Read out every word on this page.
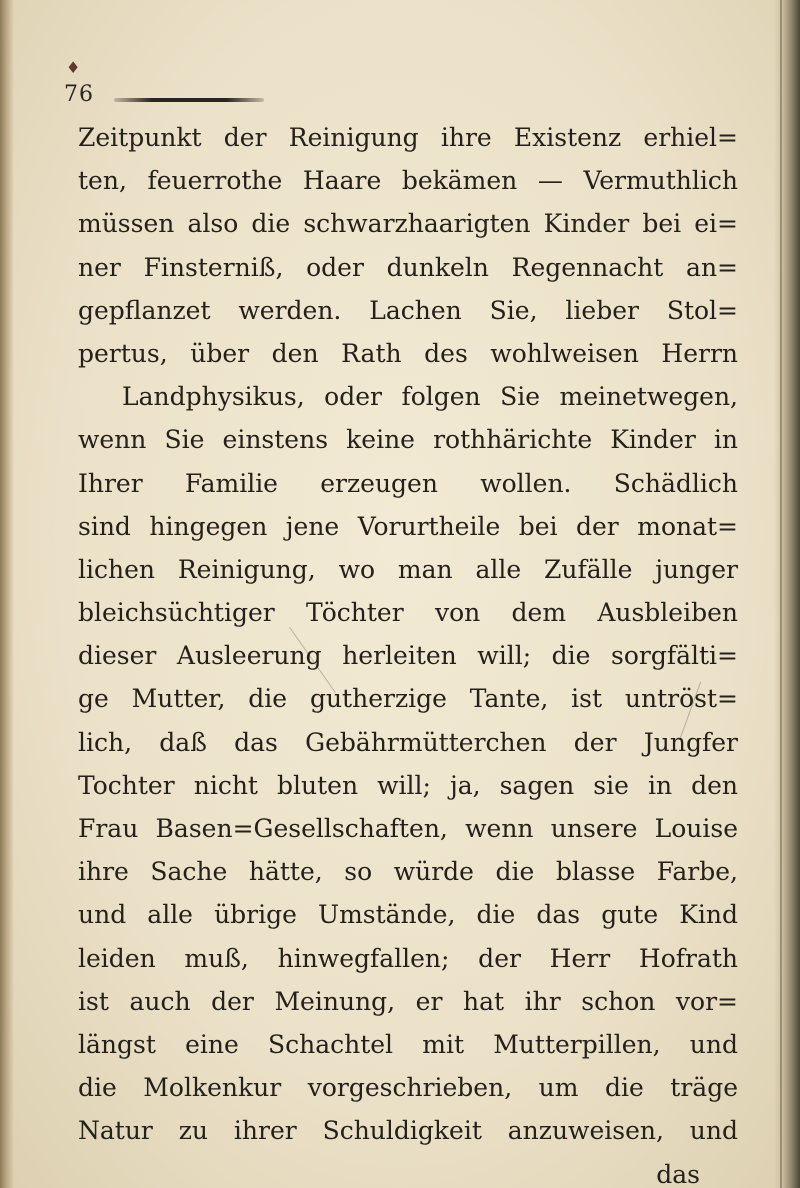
♦
76
Zeitpunkt der Reinigung ihre Existenz erhiel=
ten, feuerrothe Haare bekämen — Vermuthlich
müssen also die schwarzhaarigten Kinder bei ei=
ner Finsterniß, oder dunkeln Regennacht an=
gepflanzet werden. Lachen Sie, lieber Stol=
pertus, über den Rath des wohlweisen Herrn
Landphysikus, oder folgen Sie meinetwegen,
wenn Sie einstens keine rothhärichte Kinder in
Ihrer Familie erzeugen wollen. Schädlich
sind hingegen jene Vorurtheile bei der monat=
lichen Reinigung, wo man alle Zufälle junger
bleichsüchtiger Töchter von dem Ausbleiben
dieser Ausleerung herleiten will; die sorgfälti=
ge Mutter, die gutherzige Tante, ist untröst=
lich, daß das Gebährmütterchen der Jungfer
Tochter nicht bluten will; ja, sagen sie in den
Frau Basen=Gesellschaften, wenn unsere Louise
ihre Sache hätte, so würde die blasse Farbe,
und alle übrige Umstände, die das gute Kind
leiden muß, hinwegfallen; der Herr Hofrath
ist auch der Meinung, er hat ihr schon vor=
längst eine Schachtel mit Mutterpillen, und
die Molkenkur vorgeschrieben, um die träge
Natur zu ihrer Schuldigkeit anzuweisen, und
das
